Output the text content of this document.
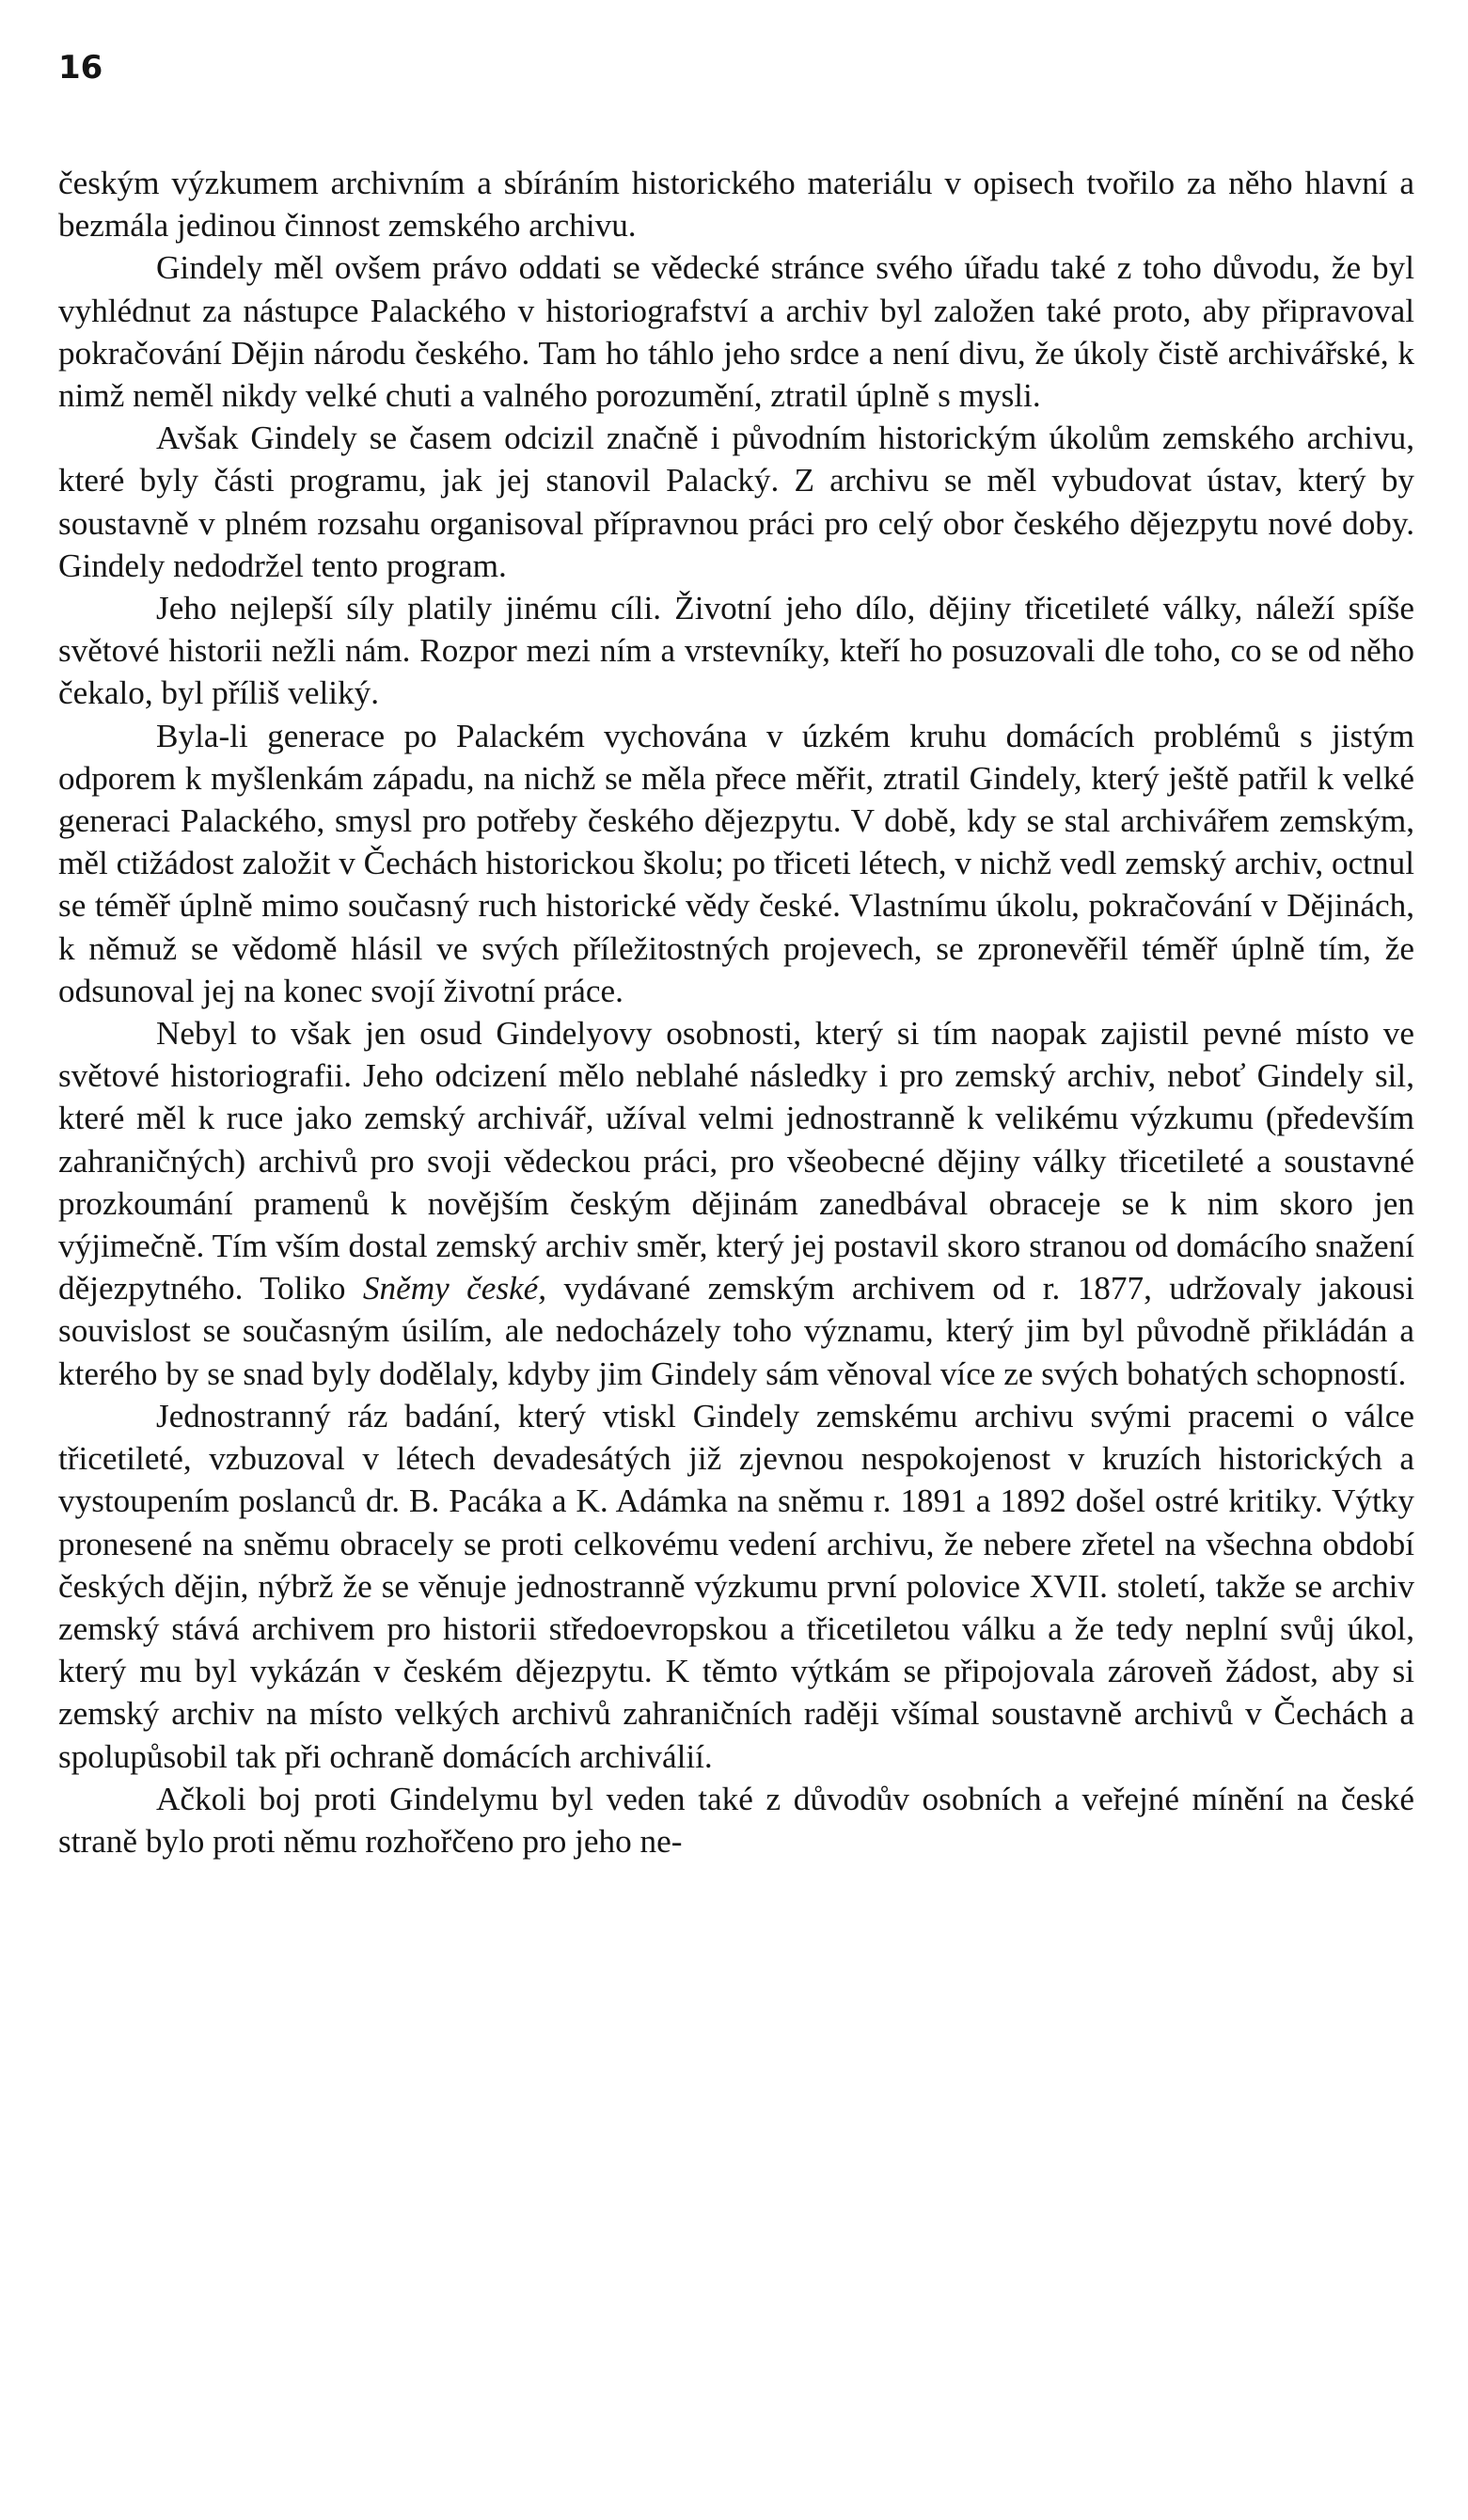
16

českým výzkumem archivním a sbíráním historického materiálu v opisech tvořilo za něho hlavní a bezmála jedinou činnost zemského archivu.

Gindely měl ovšem právo oddati se vědecké stránce svého úřadu také z toho důvodu, že byl vyhlédnut za nástupce Palackého v historiografství a archiv byl založen také proto, aby připravoval pokračování Dějin národu českého. Tam ho táhlo jeho srdce a není divu, že úkoly čistě archivářské, k nimž neměl nikdy velké chuti a valného porozumění, ztratil úplně s mysli.

Avšak Gindely se časem odcizil značně i původním historickým úkolům zemského archivu, které byly části programu, jak jej stanovil Palacký. Z archivu se měl vybudovat ústav, který by soustavně v plném rozsahu organisoval přípravnou práci pro celý obor českého dějezpytu nové doby. Gindely nedodržel tento program.

Jeho nejlepší síly platily jinému cíli. Životní jeho dílo, dějiny třicetileté války, náleží spíše světové historii nežli nám. Rozpor mezi ním a vrstevníky, kteří ho posuzovali dle toho, co se od něho čekalo, byl příliš veliký.

Byla-li generace po Palackém vychována v úzkém kruhu domácích problémů s jistým odporem k myšlenkám západu, na nichž se měla přece měřit, ztratil Gindely, který ještě patřil k velké generaci Palackého, smysl pro potřeby českého dějezpytu. V době, kdy se stal archivářem zemským, měl ctižádost založit v Čechách historickou školu; po třiceti létech, v nichž vedl zemský archiv, octnul se téměř úplně mimo současný ruch historické vědy české. Vlastnímu úkolu, pokračování v Dějinách, k němuž se vědomě hlásil ve svých příležitostných projevech, se zpronevěřil téměř úplně tím, že odsunoval jej na konec svojí životní práce.

Nebyl to však jen osud Gindelyovy osobnosti, který si tím naopak zajistil pevné místo ve světové historiografii. Jeho odcizení mělo neblahé následky i pro zemský archiv, neboť Gindely sil, které měl k ruce jako zemský archivář, užíval velmi jednostranně k velikému výzkumu (především zahraničných) archivů pro svoji vědeckou práci, pro všeobecné dějiny války třicetileté a soustavné prozkoumání pramenů k novějším českým dějinám zanedbával obraceje se k nim skoro jen výjimečně. Tím vším dostal zemský archiv směr, který jej postavil skoro stranou od domácího snažení dějezpytného. Toliko Sněmy české, vydávané zemským archivem od r. 1877, udržovaly jakousi souvislost se současným úsilím, ale nedocházely toho významu, který jim byl původně přikládán a kterého by se snad byly dodělaly, kdyby jim Gindely sám věnoval více ze svých bohatých schopností.

Jednostranný ráz badání, který vtiskl Gindely zemskému archivu svými pracemi o válce třicetileté, vzbuzoval v létech devadesátých již zjevnou nespokojenost v kruzích historických a vystoupením poslanců dr. B. Pacáka a K. Adámka na sněmu r. 1891 a 1892 došel ostré kritiky. Výtky pronesené na sněmu obracely se proti celkovému vedení archivu, že nebere zřetel na všechna období českých dějin, nýbrž že se věnuje jednostranně výzkumu první polovice XVII. století, takže se archiv zemský stává archivem pro historii středoevropskou a třicetiletou válku a že tedy neplní svůj úkol, který mu byl vykázán v českém dějezpytu. K těmto výtkám se připojovala zároveň žádost, aby si zemský archiv na místo velkých archivů zahraničních raději všímal soustavně archivů v Čechách a spolupůsobil tak při ochraně domácích archiválií.

Ačkoli boj proti Gindelymu byl veden také z důvodův osobních a veřejné mínění na české straně bylo proti němu rozhořčeno pro jeho ne-
